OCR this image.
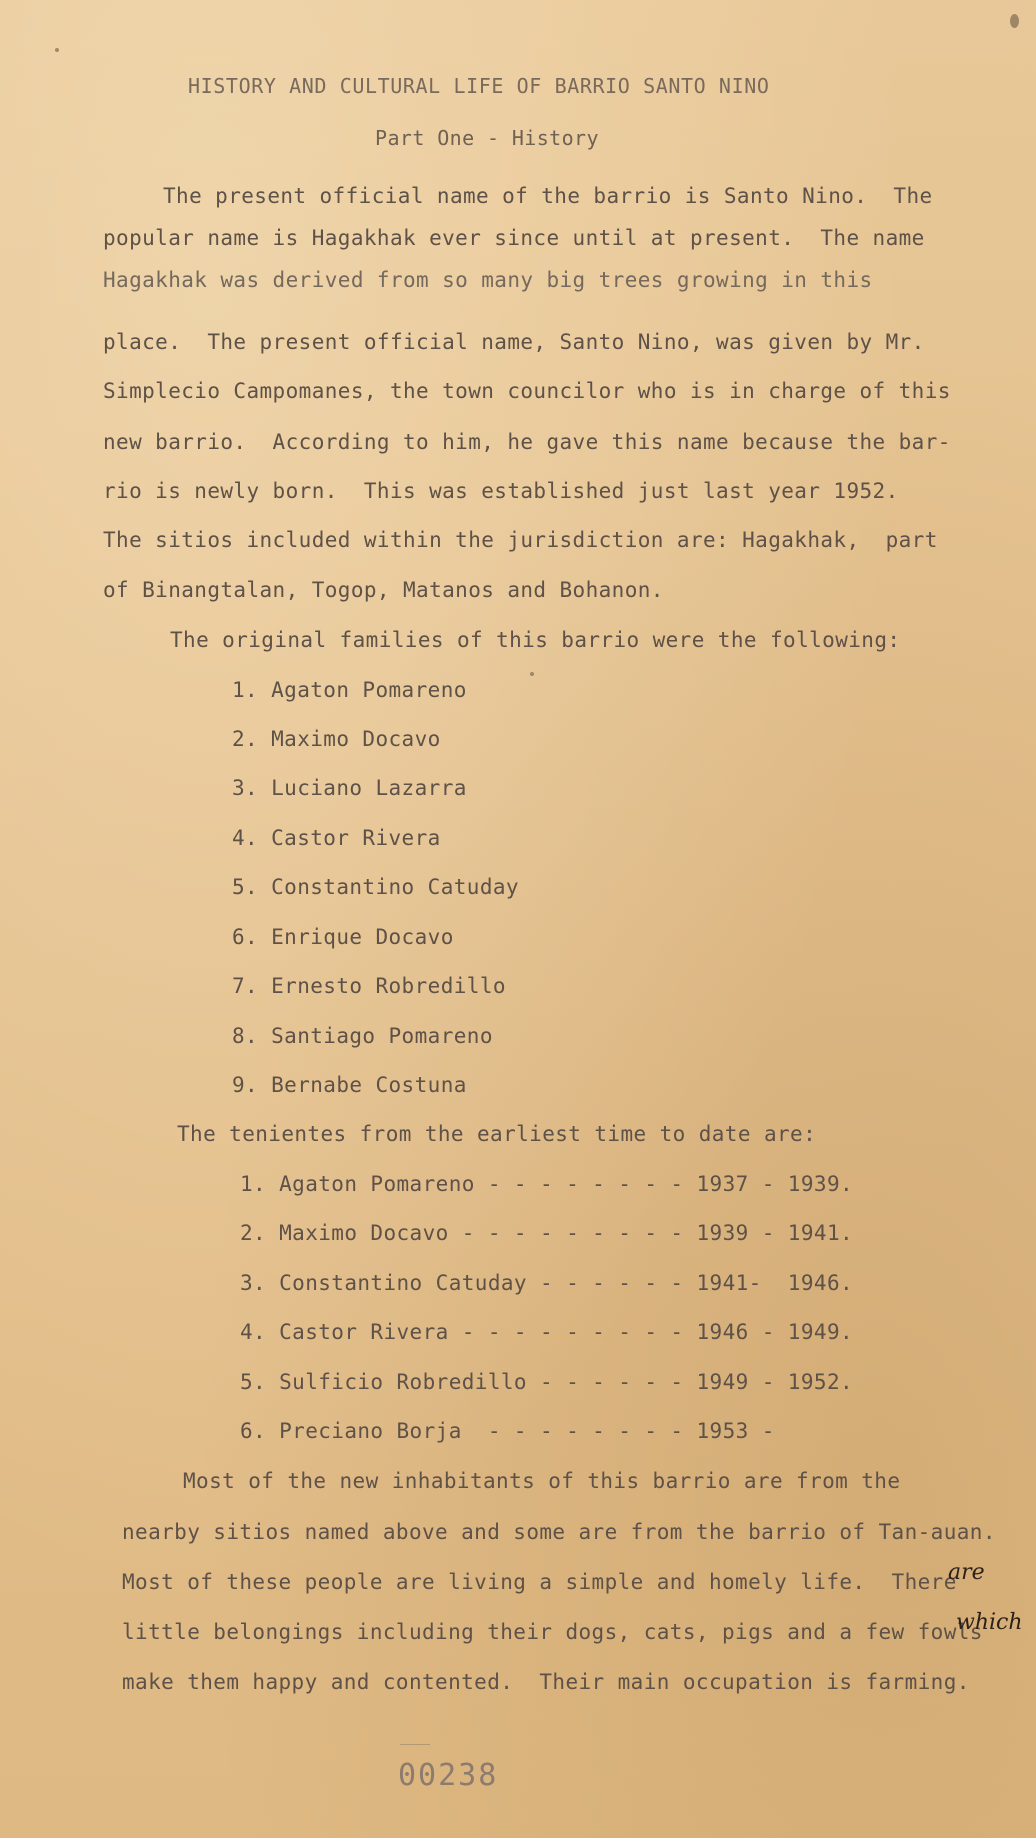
HISTORY AND CULTURAL LIFE OF BARRIO SANTO NINO

Part One - History

The present official name of the barrio is Santo Nino.  The

popular name is Hagakhak ever since until at present.  The name

Hagakhak was derived from so many big trees growing in this

place.  The present official name, Santo Nino, was given by Mr.

Simplecio Campomanes, the town councilor who is in charge of this

new barrio.  According to him, he gave this name because the bar-

rio is newly born.  This was established just last year 1952.

The sitios included within the jurisdiction are: Hagakhak,  part

of Binangtalan, Togop, Matanos and Bohanon.

The original families of this barrio were the following:

1. Agaton Pomareno

2. Maximo Docavo

3. Luciano Lazarra

4. Castor Rivera

5. Constantino Catuday

6. Enrique Docavo

7. Ernesto Robredillo

8. Santiago Pomareno

9. Bernabe Costuna

The tenientes from the earliest time to date are:

1. Agaton Pomareno - - - - - - - - 1937 - 1939.

2. Maximo Docavo - - - - - - - - - 1939 - 1941.

3. Constantino Catuday - - - - - - 1941-  1946.

4. Castor Rivera - - - - - - - - - 1946 - 1949.

5. Sulficio Robredillo - - - - - - 1949 - 1952.

6. Preciano Borja  - - - - - - - - 1953 -

Most of the new inhabitants of this barrio are from the

nearby sitios named above and some are from the barrio of Tan-auan.

Most of these people are living a simple and homely life.  There

little belongings including their dogs, cats, pigs and a few fowls

make them happy and contented.  Their main occupation is farming.

are
which

00238
